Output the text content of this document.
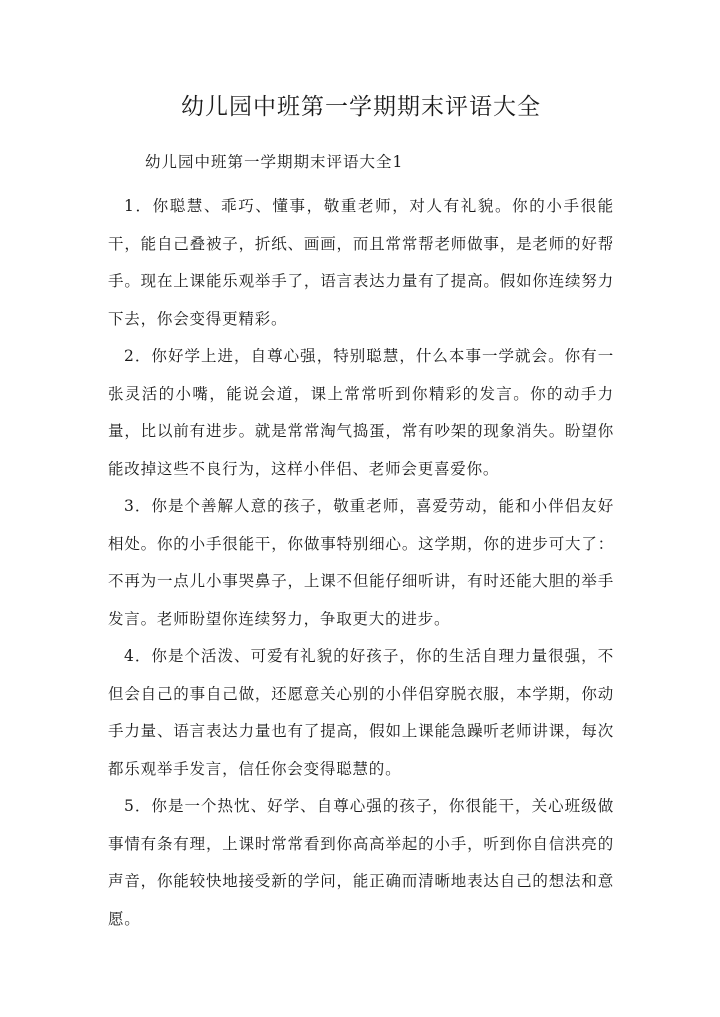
幼儿园中班第一学期期末评语大全

幼儿园中班第一学期期末评语大全1

1．你聪慧、乖巧、懂事，敬重老师，对人有礼貌。你的小手很能干，能自己叠被子，折纸、画画，而且常常帮老师做事，是老师的好帮手。现在上课能乐观举手了，语言表达力量有了提高。假如你连续努力下去，你会变得更精彩。

2．你好学上进，自尊心强，特别聪慧，什么本事一学就会。你有一张灵活的小嘴，能说会道，课上常常听到你精彩的发言。你的动手力量，比以前有进步。就是常常淘气捣蛋，常有吵架的现象消失。盼望你能改掉这些不良行为，这样小伴侣、老师会更喜爱你。

3．你是个善解人意的孩子，敬重老师，喜爱劳动，能和小伴侣友好相处。你的小手很能干，你做事特别细心。这学期，你的进步可大了：不再为一点儿小事哭鼻子，上课不但能仔细听讲，有时还能大胆的举手发言。老师盼望你连续努力，争取更大的进步。

4．你是个活泼、可爱有礼貌的好孩子，你的生活自理力量很强，不但会自己的事自己做，还愿意关心别的小伴侣穿脱衣服，本学期，你动手力量、语言表达力量也有了提高，假如上课能急躁听老师讲课，每次都乐观举手发言，信任你会变得聪慧的。

5．你是一个热忱、好学、自尊心强的孩子，你很能干，关心班级做事情有条有理，上课时常常看到你高高举起的小手，听到你自信洪亮的声音，你能较快地接受新的学问，能正确而清晰地表达自己的想法和意愿。
